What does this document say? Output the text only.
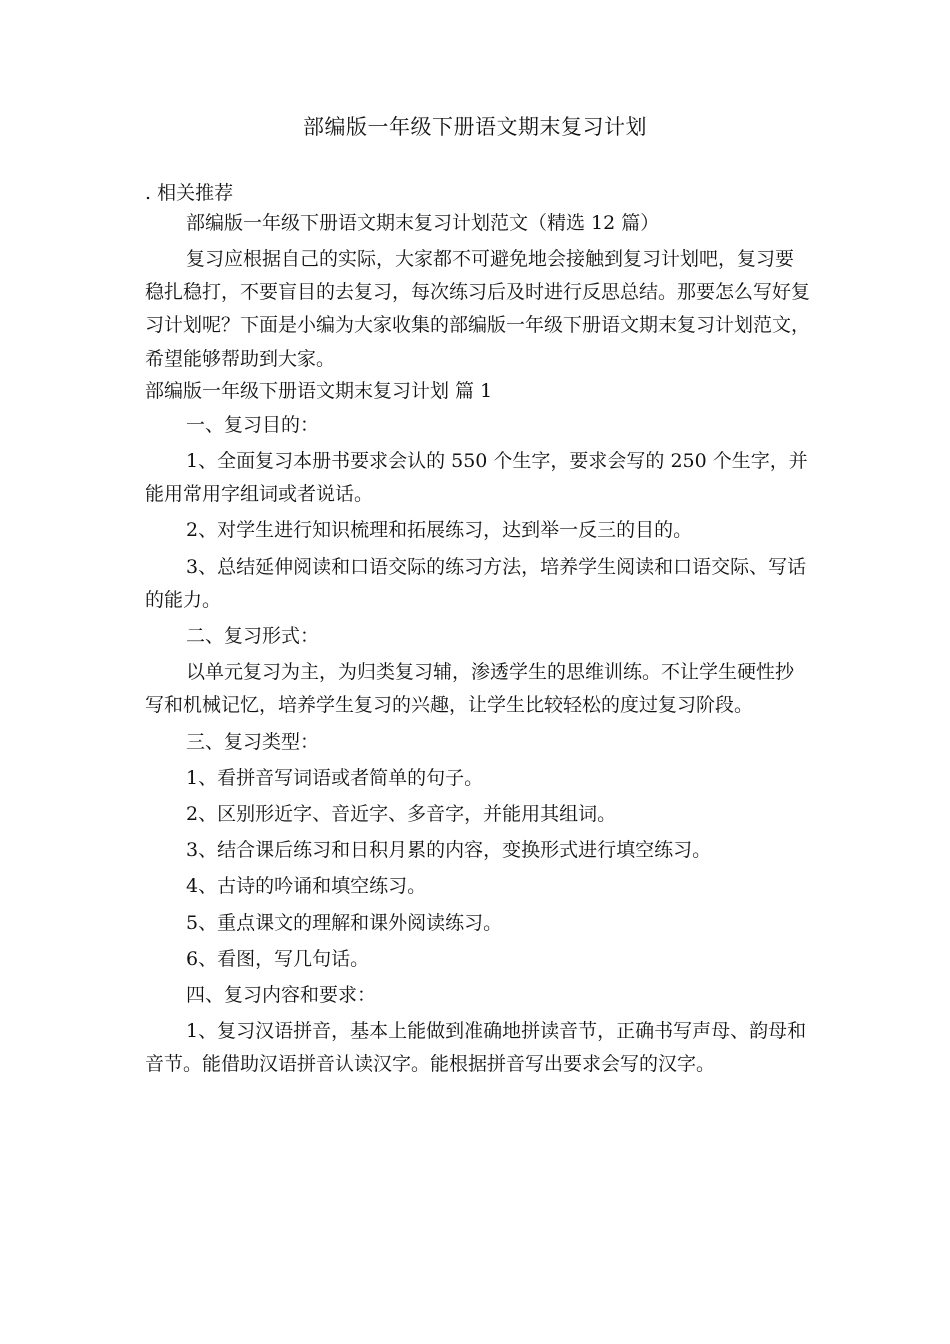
部编版一年级下册语文期末复习计划

. 相关推荐

部编版一年级下册语文期末复习计划范文（精选 12 篇）

复习应根据自己的实际，大家都不可避免地会接触到复习计划吧，复习要稳扎稳打，不要盲目的去复习，每次练习后及时进行反思总结。那要怎么写好复习计划呢？下面是小编为大家收集的部编版一年级下册语文期末复习计划范文，希望能够帮助到大家。

部编版一年级下册语文期末复习计划 篇 1

一、复习目的：

1、全面复习本册书要求会认的 550 个生字，要求会写的 250 个生字，并能用常用字组词或者说话。

2、对学生进行知识梳理和拓展练习，达到举一反三的目的。

3、总结延伸阅读和口语交际的练习方法，培养学生阅读和口语交际、写话的能力。

二、复习形式：

以单元复习为主，为归类复习辅，渗透学生的思维训练。不让学生硬性抄写和机械记忆，培养学生复习的兴趣，让学生比较轻松的度过复习阶段。

三、复习类型：

1、看拼音写词语或者简单的句子。

2、区别形近字、音近字、多音字，并能用其组词。

3、结合课后练习和日积月累的内容，变换形式进行填空练习。

4、古诗的吟诵和填空练习。

5、重点课文的理解和课外阅读练习。

6、看图，写几句话。

四、复习内容和要求：

1、复习汉语拼音，基本上能做到准确地拼读音节，正确书写声母、韵母和音节。能借助汉语拼音认读汉字。能根据拼音写出要求会写的汉字。
